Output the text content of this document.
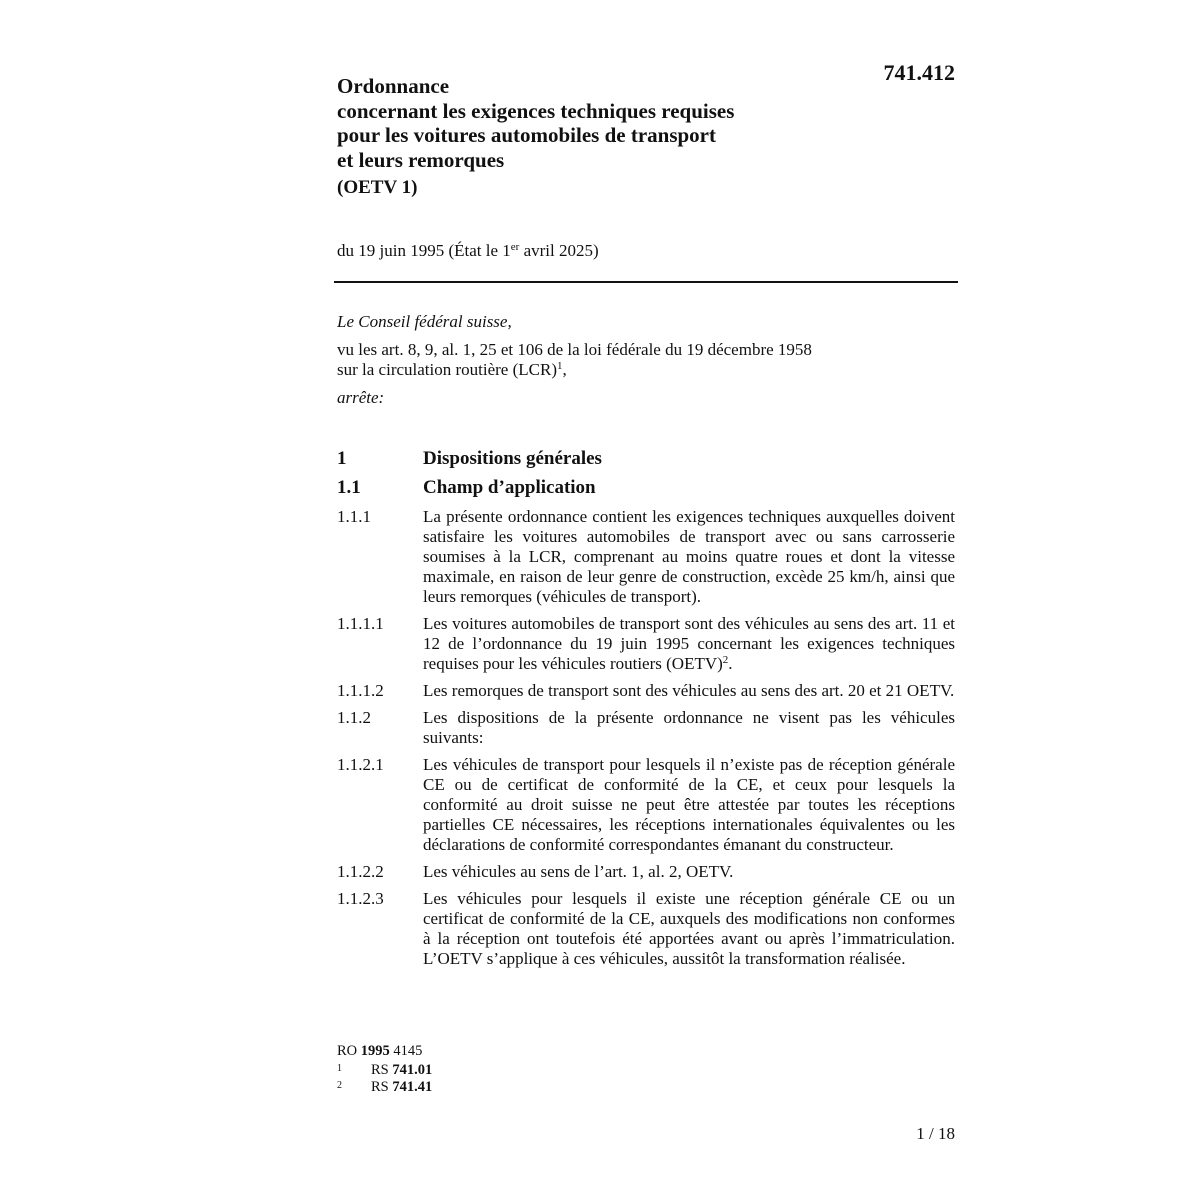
741.412
Ordonnance
concernant les exigences techniques requises
pour les voitures automobiles de transport
et leurs remorques
(OETV 1)
du 19 juin 1995 (État le 1er avril 2025)
Le Conseil fédéral suisse,
vu les art. 8, 9, al. 1, 25 et 106 de la loi fédérale du 19 décembre 1958
sur la circulation routière (LCR)$^1$,
arrête:
1	Dispositions générales
1.1	Champ d’application
1.1.1	La présente ordonnance contient les exigences techniques auxquelles doivent satisfaire les voitures automobiles de transport avec ou sans carrosserie soumises à la LCR, comprenant au moins quatre roues et dont la vitesse maximale, en raison de leur genre de construction, excède 25 km/h, ainsi que leurs remorques (véhicules de transport).
1.1.1.1	Les voitures automobiles de transport sont des véhicules au sens des art. 11 et 12 de l’ordonnance du 19 juin 1995 concernant les exigences techniques requises pour les véhicules routiers (OETV)$^2$.
1.1.1.2	Les remorques de transport sont des véhicules au sens des art. 20 et 21 OETV.
1.1.2	Les dispositions de la présente ordonnance ne visent pas les véhicules suivants:
1.1.2.1	Les véhicules de transport pour lesquels il n’existe pas de réception générale CE ou de certificat de conformité de la CE, et ceux pour lesquels la conformité au droit suisse ne peut être attestée par toutes les réceptions partielles CE nécessaires, les réceptions internationales équivalentes ou les déclarations de conformité correspondantes émanant du constructeur.
1.1.2.2	Les véhicules au sens de l’art. 1, al. 2, OETV.
1.1.2.3	Les véhicules pour lesquels il existe une réception générale CE ou un certificat de conformité de la CE, auxquels des modifications non conformes à la réception ont toutefois été apportées avant ou après l’immatriculation. L’OETV s’applique à ces véhicules, aussitôt la transformation réalisée.
RO 1995 4145
1	RS 741.01
2	RS 741.41
1 / 18
